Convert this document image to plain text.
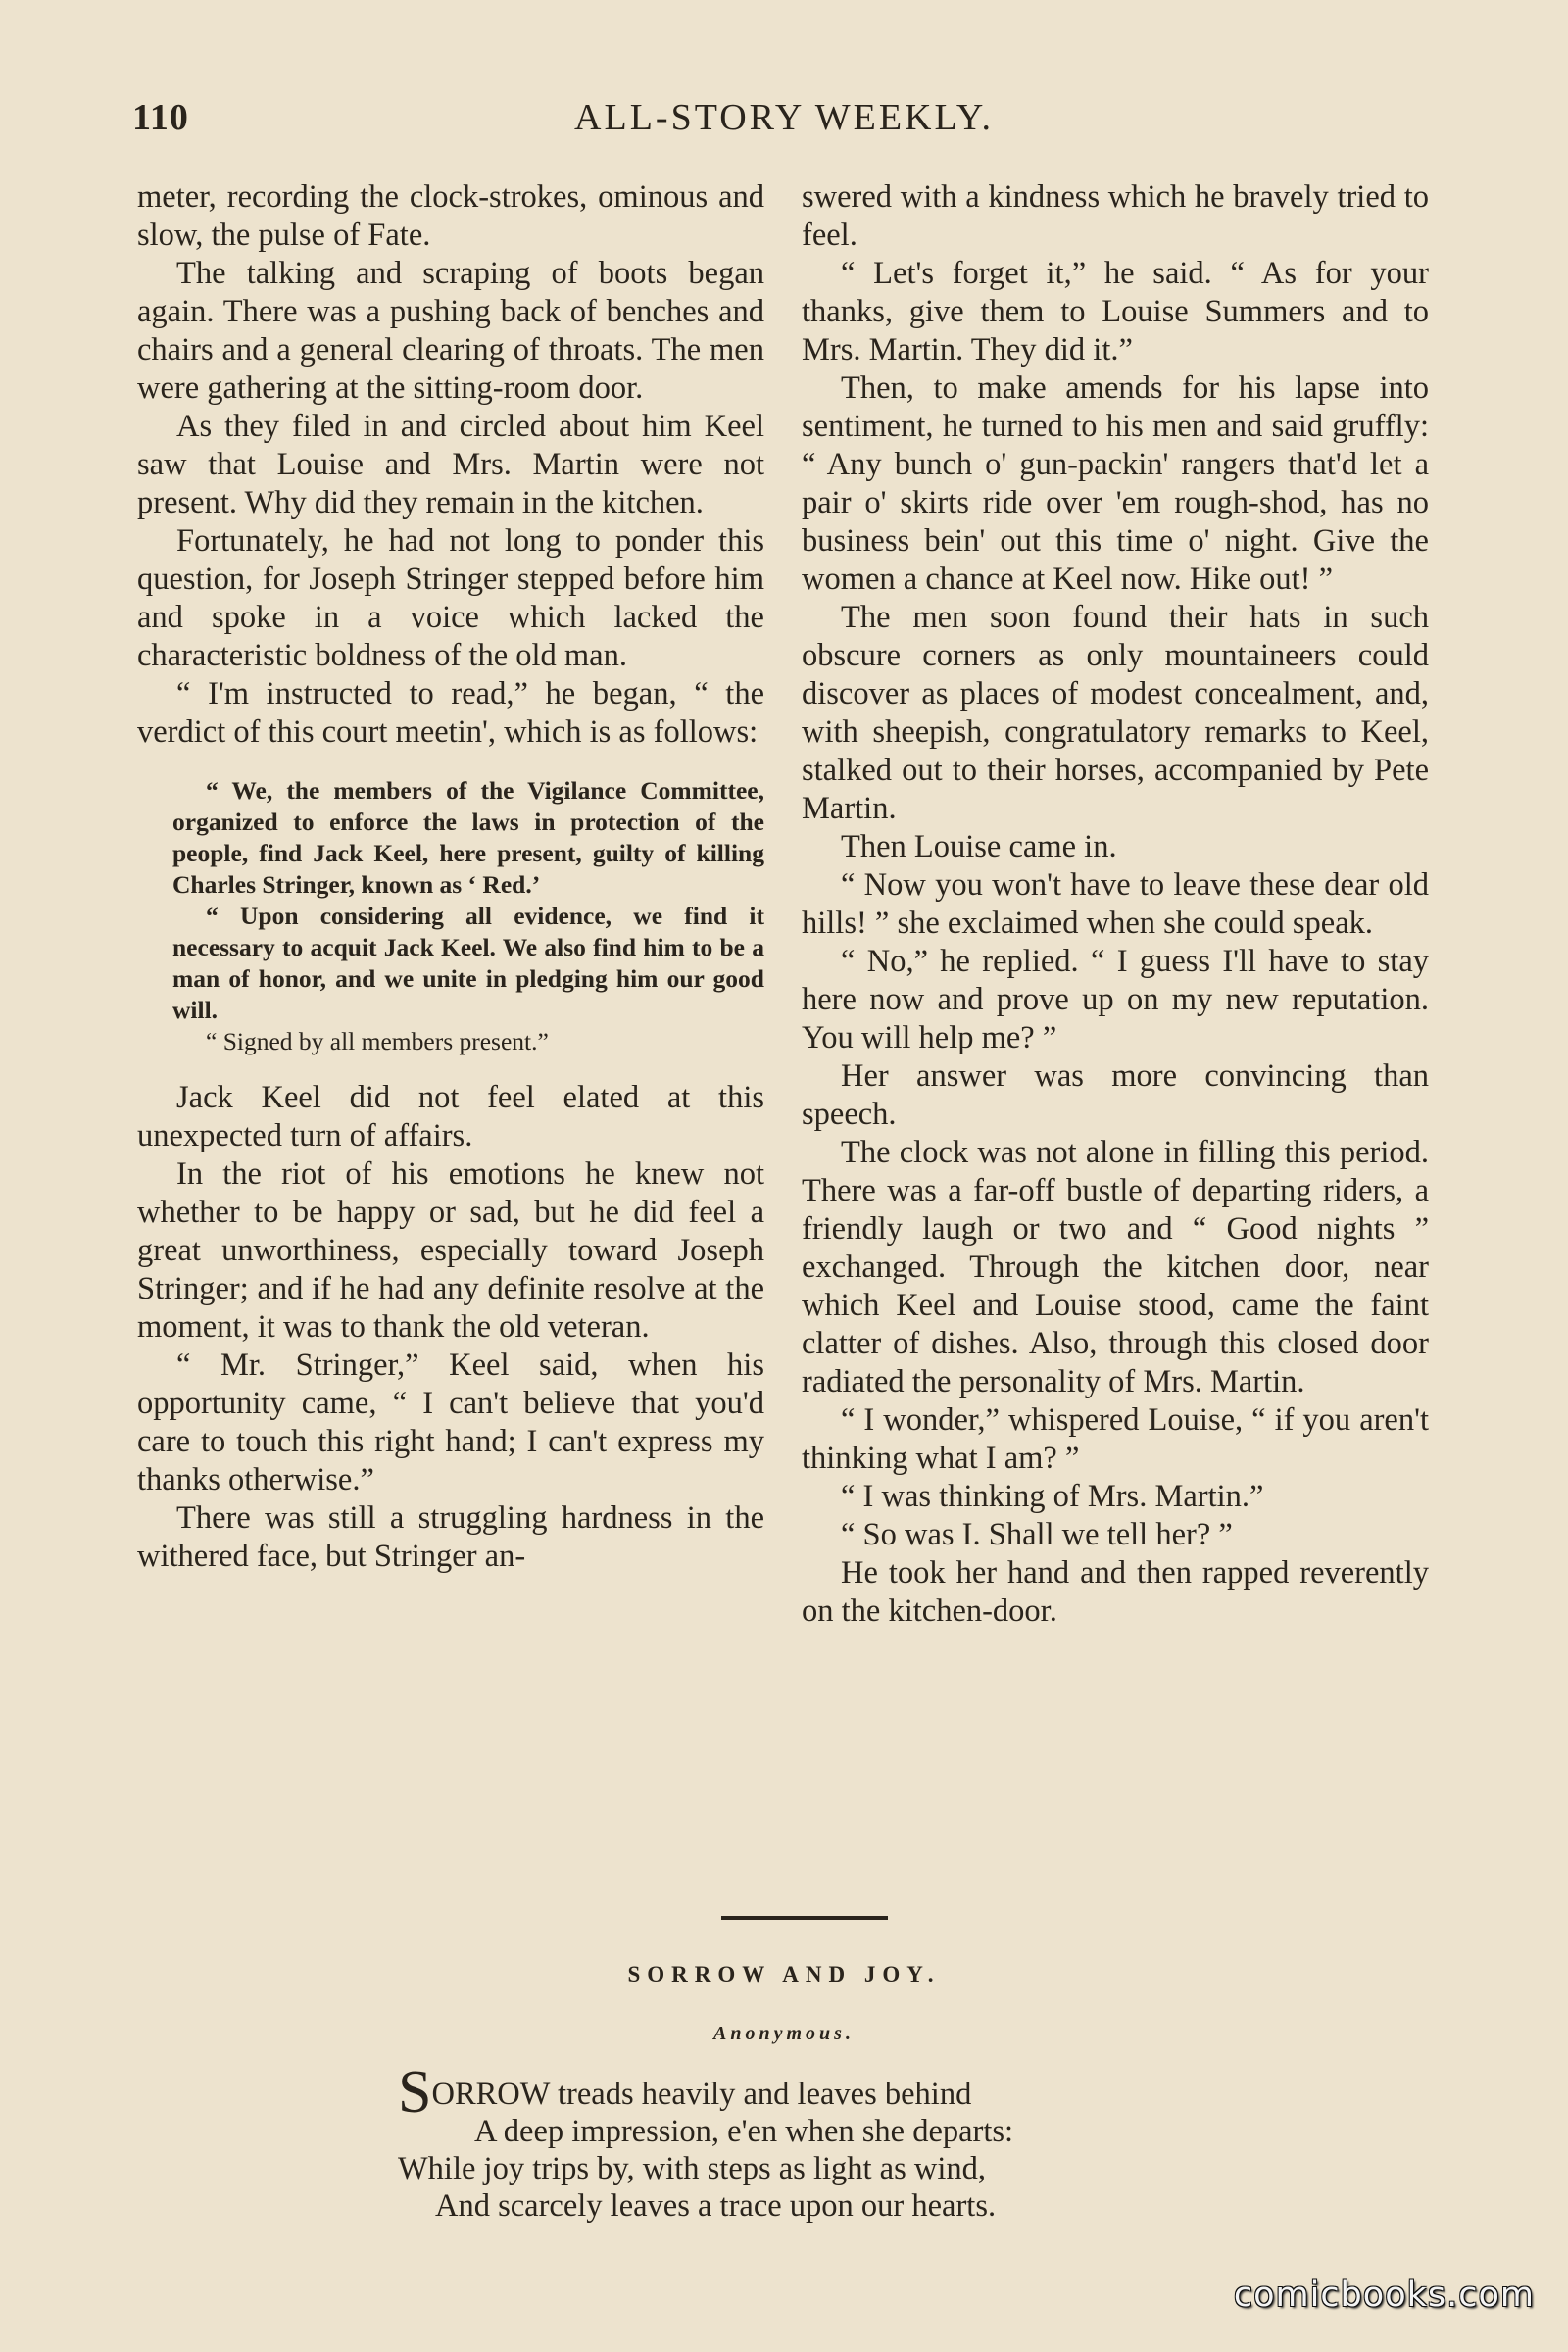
110	ALL-STORY WEEKLY.

meter, recording the clock-strokes, ominous and slow, the pulse of Fate.

The talking and scraping of boots began again. There was a pushing back of benches and chairs and a general clearing of throats. The men were gathering at the sitting-room door.

As they filed in and circled about him Keel saw that Louise and Mrs. Martin were not present. Why did they remain in the kitchen.

Fortunately, he had not long to ponder this question, for Joseph Stringer stepped before him and spoke in a voice which lacked the characteristic boldness of the old man.

“ I'm instructed to read,” he began, “ the verdict of this court meetin', which is as follows:

“ We, the members of the Vigilance Committee, organized to enforce the laws in protection of the people, find Jack Keel, here present, guilty of killing Charles Stringer, known as ‘ Red.’

“ Upon considering all evidence, we find it necessary to acquit Jack Keel. We also find him to be a man of honor, and we unite in pledging him our good will.

“ Signed by all members present.”

Jack Keel did not feel elated at this unexpected turn of affairs.

In the riot of his emotions he knew not whether to be happy or sad, but he did feel a great unworthiness, especially toward Joseph Stringer; and if he had any definite resolve at the moment, it was to thank the old veteran.

“ Mr. Stringer,” Keel said, when his opportunity came, “ I can't believe that you'd care to touch this right hand; I can't express my thanks otherwise.”

There was still a struggling hardness in the withered face, but Stringer an-

swered with a kindness which he bravely tried to feel.

“ Let's forget it,” he said. “ As for your thanks, give them to Louise Summers and to Mrs. Martin. They did it.”

Then, to make amends for his lapse into sentiment, he turned to his men and said gruffly: “ Any bunch o' gun-packin' rangers that'd let a pair o' skirts ride over 'em rough-shod, has no business bein' out this time o' night. Give the women a chance at Keel now. Hike out! ”

The men soon found their hats in such obscure corners as only mountaineers could discover as places of modest concealment, and, with sheepish, congratulatory remarks to Keel, stalked out to their horses, accompanied by Pete Martin.

Then Louise came in.

“ Now you won't have to leave these dear old hills! ” she exclaimed when she could speak.

“ No,” he replied. “ I guess I'll have to stay here now and prove up on my new reputation. You will help me? ”

Her answer was more convincing than speech.

The clock was not alone in filling this period. There was a far-off bustle of departing riders, a friendly laugh or two and “ Good nights ” exchanged. Through the kitchen door, near which Keel and Louise stood, came the faint clatter of dishes. Also, through this closed door radiated the personality of Mrs. Martin.

“ I wonder,” whispered Louise, “ if you aren't thinking what I am? ”

“ I was thinking of Mrs. Martin.”

“ So was I. Shall we tell her? ”

He took her hand and then rapped reverently on the kitchen-door.

SORROW AND JOY.
Anonymous.
SORROW treads heavily and leaves behind
A deep impression, e'en when she departs:
While joy trips by, with steps as light as wind,
And scarcely leaves a trace upon our hearts.
comicbooks.com
